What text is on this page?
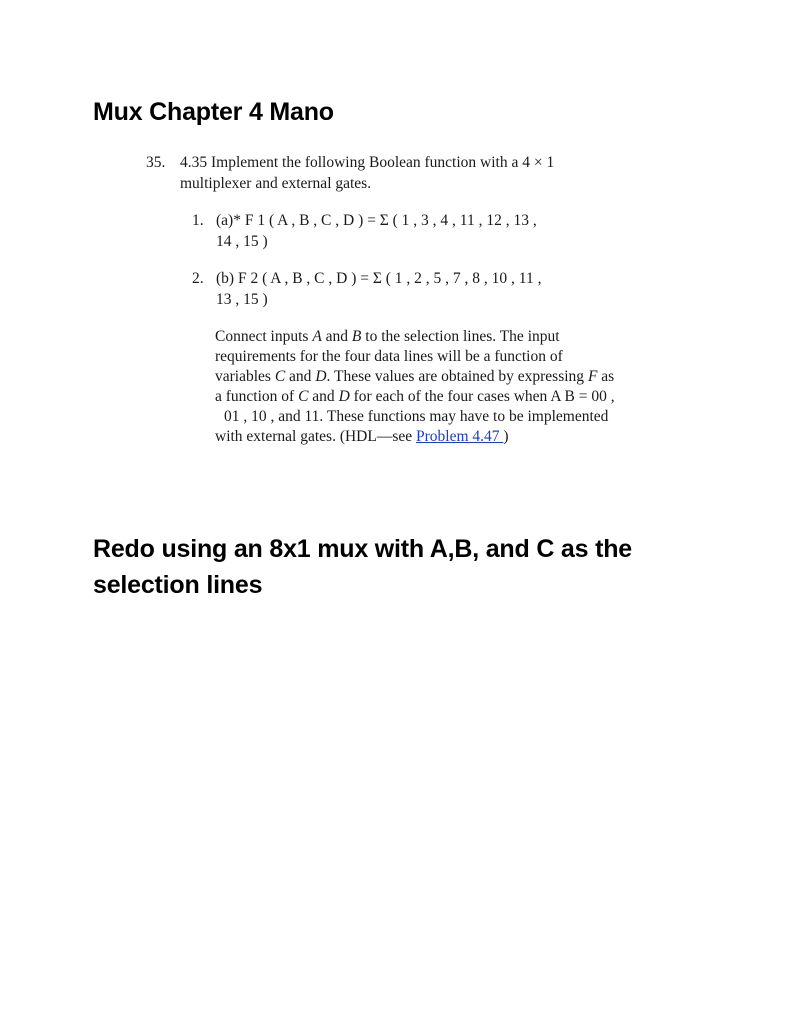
Mux Chapter 4 Mano
35. 4.35 Implement the following Boolean function with a 4 × 1
multiplexer and external gates.
1. (a)* F 1 ( A , B , C , D ) = Σ ( 1 , 3 , 4 , 11 , 12 , 13 ,
14 , 15 )
2. (b) F 2 ( A , B , C , D ) = Σ ( 1 , 2 , 5 , 7 , 8 , 10 , 11 ,
13 , 15 )
Connect inputs A and B to the selection lines. The input
requirements for the four data lines will be a function of
variables C and D. These values are obtained by expressing F as
a function of C and D for each of the four cases when A B = 00 ,
01 , 10 , and 11. These functions may have to be implemented
with external gates. (HDL—see Problem 4.47 )
Redo using an 8x1 mux with A,B, and C as the selection lines
